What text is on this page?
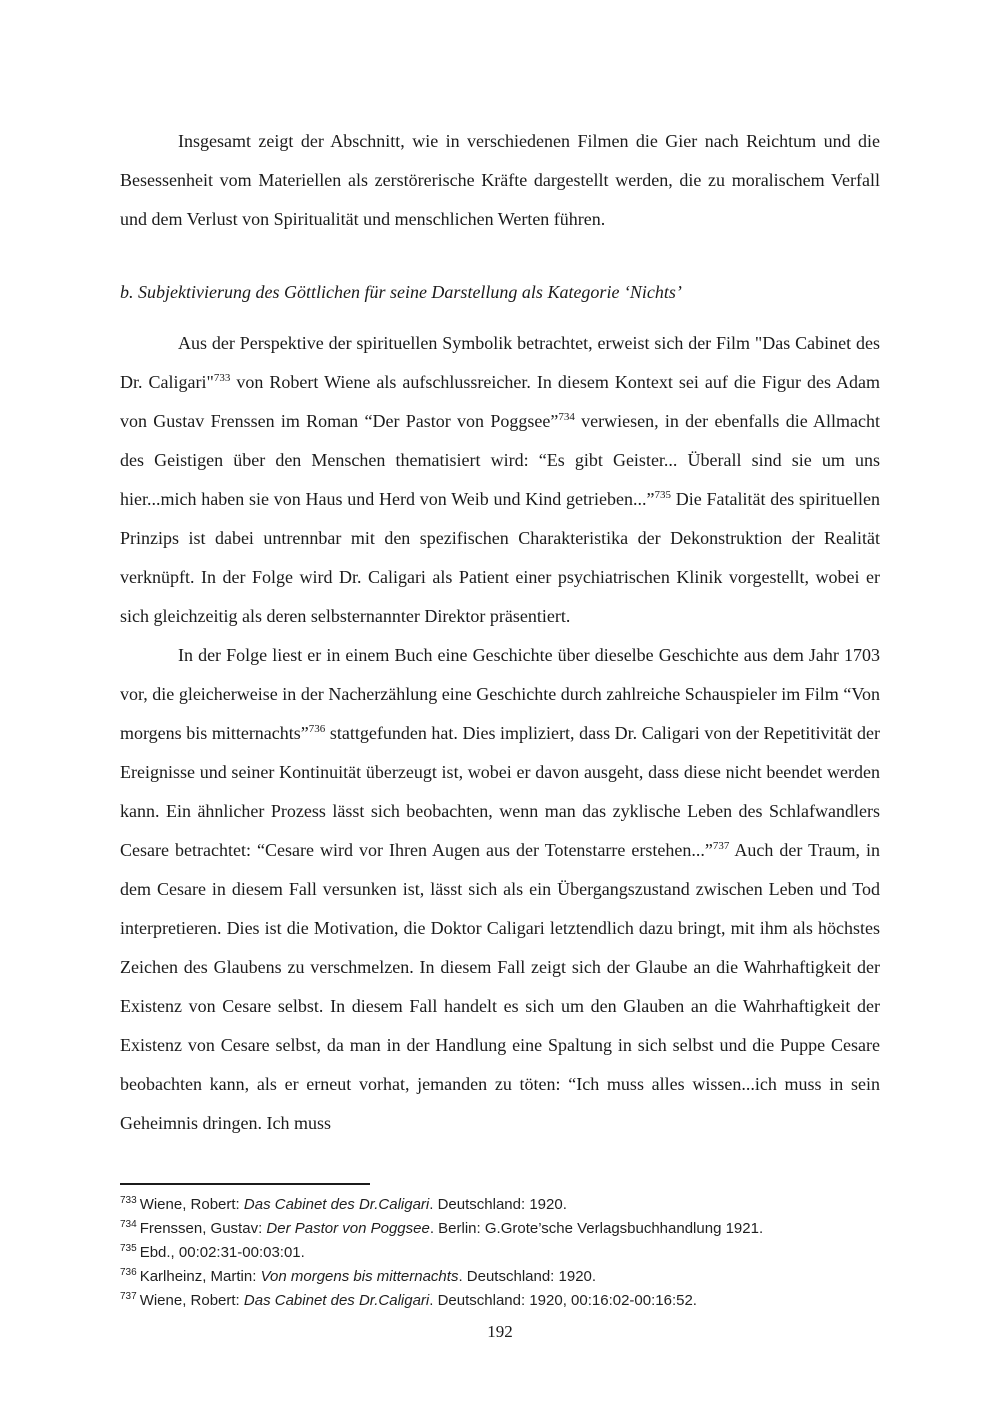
Insgesamt zeigt der Abschnitt, wie in verschiedenen Filmen die Gier nach Reichtum und die Besessenheit vom Materiellen als zerstörerische Kräfte dargestellt werden, die zu moralischem Verfall und dem Verlust von Spiritualität und menschlichen Werten führen.

b. Subjektivierung des Göttlichen für seine Darstellung als Kategorie ‘Nichts’

Aus der Perspektive der spirituellen Symbolik betrachtet, erweist sich der Film "Das Cabinet des Dr. Caligari"$^{733}$ von Robert Wiene als aufschlussreicher. In diesem Kontext sei auf die Figur des Adam von Gustav Frenssen im Roman “Der Pastor von Poggsee”$^{734}$ verwiesen, in der ebenfalls die Allmacht des Geistigen über den Menschen thematisiert wird: “Es gibt Geister... Überall sind sie um uns hier...mich haben sie von Haus und Herd von Weib und Kind getrieben...”$^{735}$ Die Fatalität des spirituellen Prinzips ist dabei untrennbar mit den spezifischen Charakteristika der Dekonstruktion der Realität verknüpft. In der Folge wird Dr. Caligari als Patient einer psychiatrischen Klinik vorgestellt, wobei er sich gleichzeitig als deren selbsternannter Direktor präsentiert.

In der Folge liest er in einem Buch eine Geschichte über dieselbe Geschichte aus dem Jahr 1703 vor, die gleicherweise in der Nacherzählung eine Geschichte durch zahlreiche Schauspieler im Film “Von morgens bis mitternachts”$^{736}$ stattgefunden hat. Dies impliziert, dass Dr. Caligari von der Repetitivität der Ereignisse und seiner Kontinuität überzeugt ist, wobei er davon ausgeht, dass diese nicht beendet werden kann. Ein ähnlicher Prozess lässt sich beobachten, wenn man das zyklische Leben des Schlafwandlers Cesare betrachtet: “Cesare wird vor Ihren Augen aus der Totenstarre erstehen...”$^{737}$ Auch der Traum, in dem Cesare in diesem Fall versunken ist, lässt sich als ein Übergangszustand zwischen Leben und Tod interpretieren. Dies ist die Motivation, die Doktor Caligari letztendlich dazu bringt, mit ihm als höchstes Zeichen des Glaubens zu verschmelzen. In diesem Fall zeigt sich der Glaube an die Wahrhaftigkeit der Existenz von Cesare selbst. In diesem Fall handelt es sich um den Glauben an die Wahrhaftigkeit der Existenz von Cesare selbst, da man in der Handlung eine Spaltung in sich selbst und die Puppe Cesare beobachten kann, als er erneut vorhat, jemanden zu töten: “Ich muss alles wissen...ich muss in sein Geheimnis dringen. Ich muss

$^{733}$ Wiene, Robert: Das Cabinet des Dr.Caligari. Deutschland: 1920.
$^{734}$ Frenssen, Gustav: Der Pastor von Poggsee. Berlin: G.Grote’sche Verlagsbuchhandlung 1921.
$^{735}$ Ebd., 00:02:31-00:03:01.
$^{736}$ Karlheinz, Martin: Von morgens bis mitternachts. Deutschland: 1920.
$^{737}$ Wiene, Robert: Das Cabinet des Dr.Caligari. Deutschland: 1920, 00:16:02-00:16:52.
192
